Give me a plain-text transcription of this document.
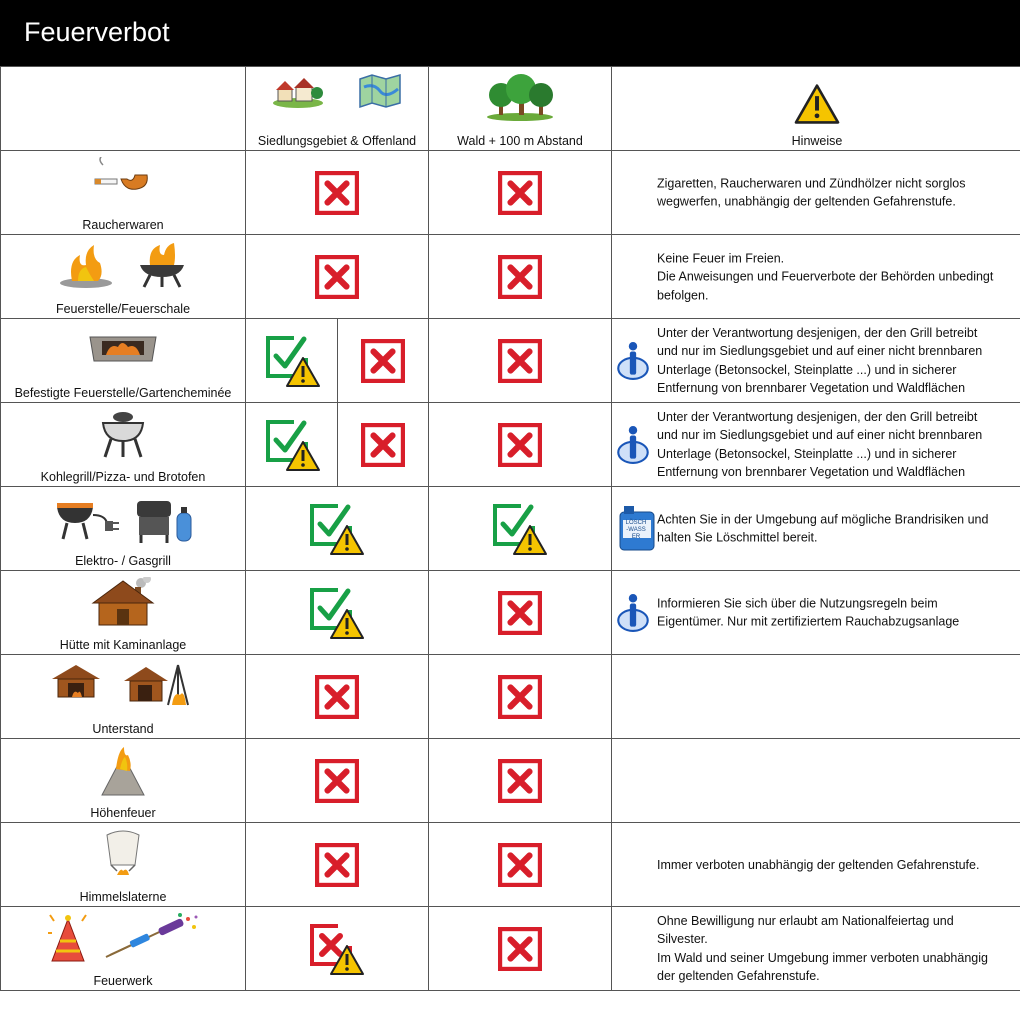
Feuerverbot

	Siedlungsgebiet & Offenland	Wald + 100 m Abstand	Hinweise

Raucherwaren			Zigaretten, Raucherwaren und Zündhölzer nicht sorglos
wegwerfen, unabhängig der geltenden Gefahrenstufe.

Feuerstelle/Feuerschale			Keine Feuer im Freien.
Die Anweisungen und Feuerverbote der Behörden unbedingt
befolgen.

Befestigte Feuerstelle/Gartencheminée			Unter der Verantwortung desjenigen, der den Grill betreibt
und nur im Siedlungsgebiet und auf einer nicht brennbaren
Unterlage (Betonsockel, Steinplatte ...) und in sicherer
Entfernung von brennbarer Vegetation und Waldflächen

Kohlegrill/Pizza- und Brotofen			Unter der Verantwortung desjenigen, der den Grill betreibt
und nur im Siedlungsgebiet und auf einer nicht brennbaren
Unterlage (Betonsockel, Steinplatte ...) und in sicherer
Entfernung von brennbarer Vegetation und Waldflächen

Elektro- / Gasgrill			LÖSCH-WASSER
Achten Sie in der Umgebung auf mögliche Brandrisiken und
halten Sie Löschmittel bereit.

Hütte mit Kaminanlage			Informieren Sie sich über die Nutzungsregeln beim
Eigentümer. Nur mit zertifiziertem Rauchabzugsanlage

Unterstand

Höhenfeuer

Himmelslaterne			Immer verboten unabhängig der geltenden Gefahrenstufe.

Feuerwerk			Ohne Bewilligung nur erlaubt am Nationalfeiertag und
Silvester.
Im Wald und seiner Umgebung immer verboten unabhängig
der geltenden Gefahrenstufe.
